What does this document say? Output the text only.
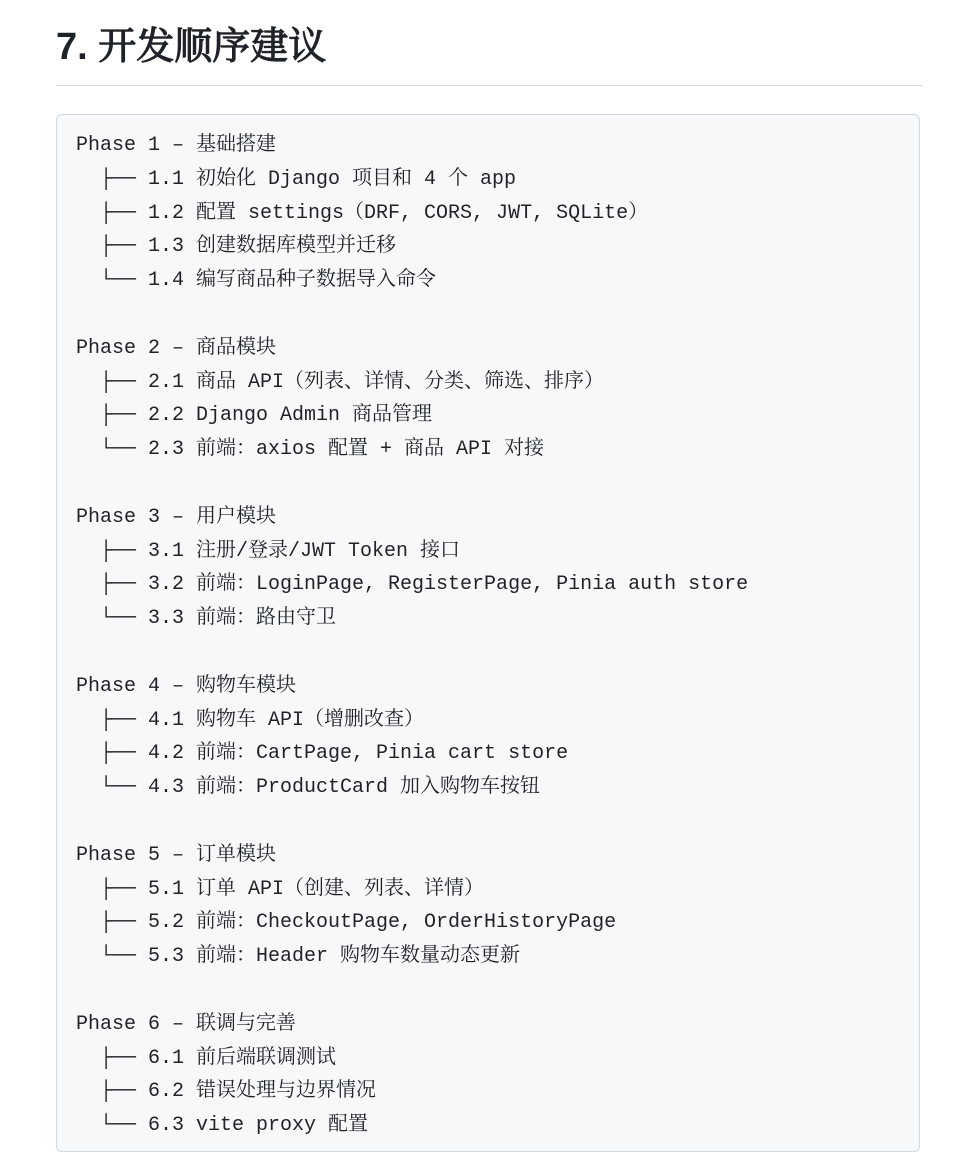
7. 开发顺序建议
Phase 1 – 基础搭建
├── 1.1 初始化 Django 项目和 4 个 app
├── 1.2 配置 settings（DRF, CORS, JWT, SQLite）
├── 1.3 创建数据库模型并迁移
└── 1.4 编写商品种子数据导入命令
Phase 2 – 商品模块
├── 2.1 商品 API（列表、详情、分类、筛选、排序）
├── 2.2 Django Admin 商品管理
└── 2.3 前端：axios 配置 + 商品 API 对接
Phase 3 – 用户模块
├── 3.1 注册/登录/JWT Token 接口
├── 3.2 前端：LoginPage, RegisterPage, Pinia auth store
└── 3.3 前端：路由守卫
Phase 4 – 购物车模块
├── 4.1 购物车 API（增删改查）
├── 4.2 前端：CartPage, Pinia cart store
└── 4.3 前端：ProductCard 加入购物车按钮
Phase 5 – 订单模块
├── 5.1 订单 API（创建、列表、详情）
├── 5.2 前端：CheckoutPage, OrderHistoryPage
└── 5.3 前端：Header 购物车数量动态更新
Phase 6 – 联调与完善
├── 6.1 前后端联调测试
├── 6.2 错误处理与边界情况
└── 6.3 vite proxy 配置
